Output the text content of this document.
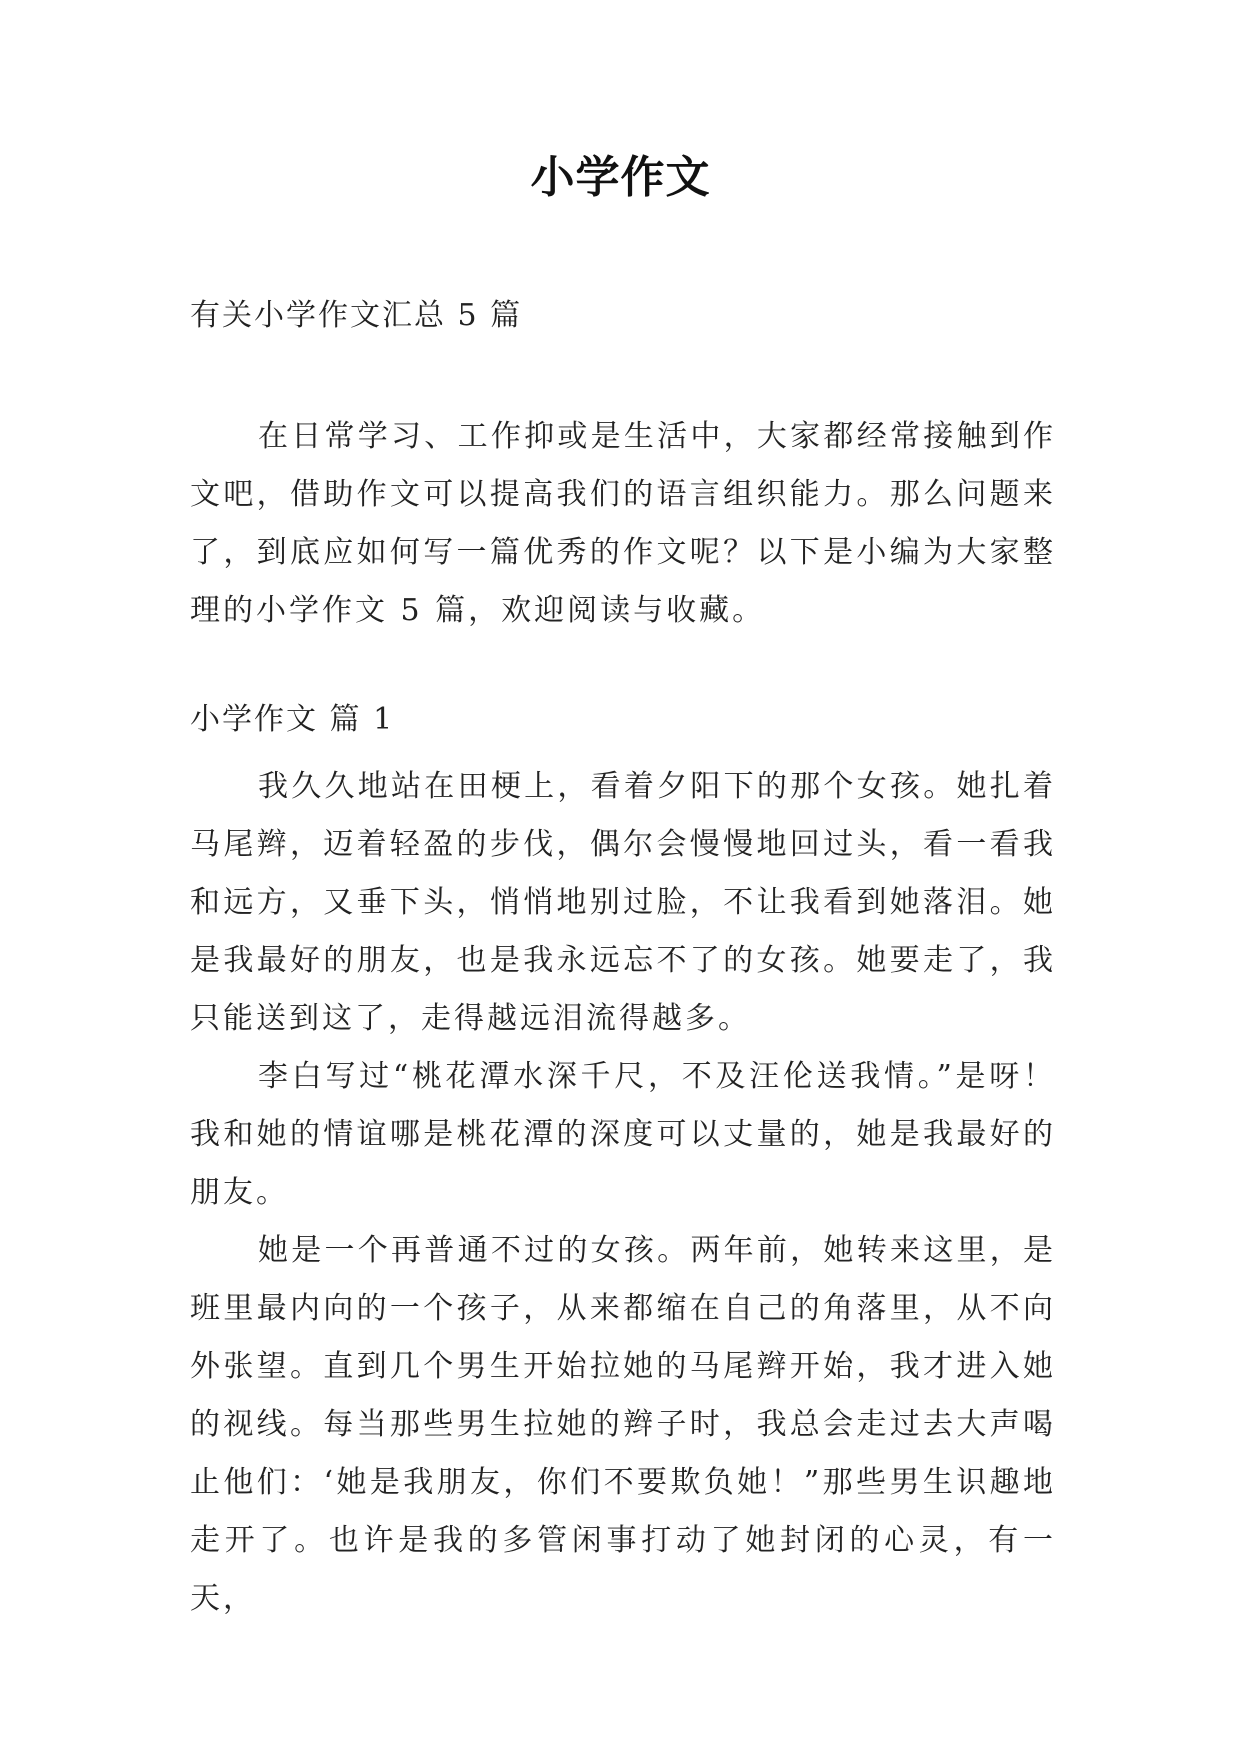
小学作文
有关小学作文汇总 5 篇

在日常学习、工作抑或是生活中，大家都经常接触到作文吧，借助作文可以提高我们的语言组织能力。那么问题来了，到底应如何写一篇优秀的作文呢？以下是小编为大家整理的小学作文 5 篇，欢迎阅读与收藏。

小学作文 篇 1

我久久地站在田梗上，看着夕阳下的那个女孩。她扎着马尾辫，迈着轻盈的步伐，偶尔会慢慢地回过头，看一看我和远方，又垂下头，悄悄地别过脸，不让我看到她落泪。她是我最好的朋友，也是我永远忘不了的女孩。她要走了，我只能送到这了，走得越远泪流得越多。

李白写过“桃花潭水深千尺，不及汪伦送我情。”是呀！我和她的情谊哪是桃花潭的深度可以丈量的，她是我最好的朋友。

她是一个再普通不过的女孩。两年前，她转来这里，是班里最内向的一个孩子，从来都缩在自己的角落里，从不向外张望。直到几个男生开始拉她的马尾辫开始，我才进入她的视线。每当那些男生拉她的辫子时，我总会走过去大声喝止他们：‘她是我朋友，你们不要欺负她！”那些男生识趣地走开了。也许是我的多管闲事打动了她封闭的心灵，有一天，
